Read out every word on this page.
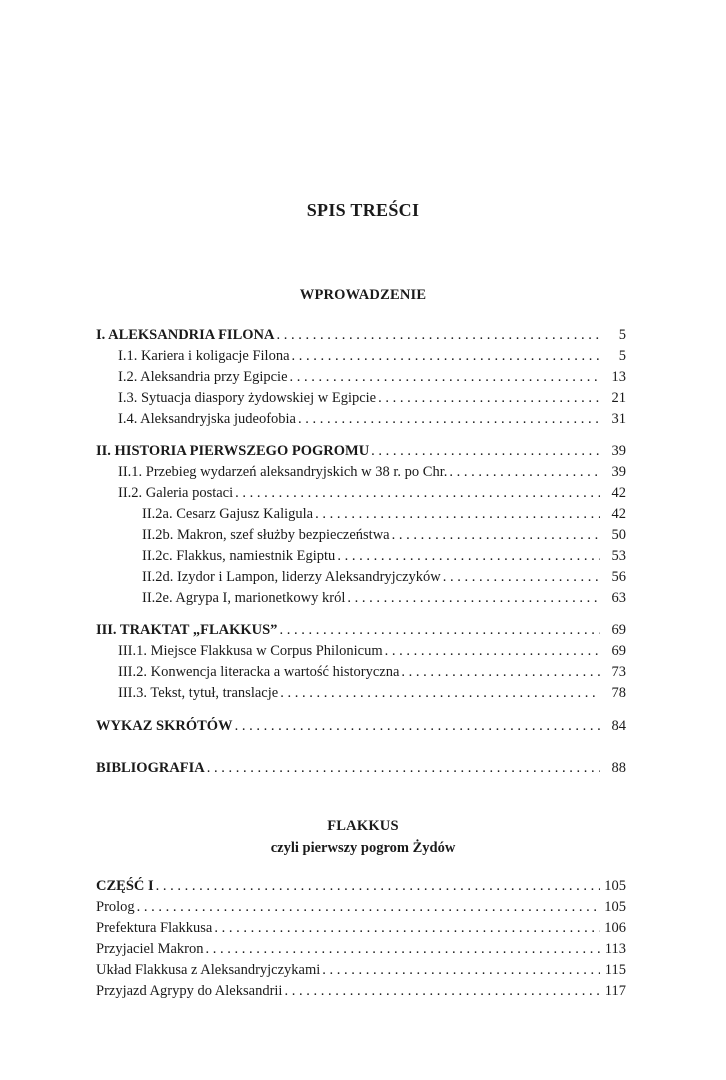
SPIS TREŚCI
WPROWADZENIE
I. ALEKSANDRIA FILONA . . .	5
I.1. Kariera i koligacje Filona . . .	5
I.2. Aleksandria przy Egipcie . . .	13
I.3. Sytuacja diaspory żydowskiej w Egipcie . . .	21
I.4. Aleksandryjska judeofobia . . .	31
II. HISTORIA PIERWSZEGO POGROMU . . .	39
II.1. Przebieg wydarzeń aleksandryjskich w 38 r. po Chr. . . .	39
II.2. Galeria postaci . . .	42
II.2a. Cesarz Gajusz Kaligula . . .	42
II.2b. Makron, szef służby bezpieczeństwa . . .	50
II.2c. Flakkus, namiestnik Egiptu . . .	53
II.2d. Izydor i Lampon, liderzy Aleksandryjczyków . . .	56
II.2e. Agrypa I, marionetkowy król . . .	63
III. TRAKTAT „FLAKKUS” . . .	69
III.1. Miejsce Flakkusa w Corpus Philonicum . . .	69
III.2. Konwencja literacka a wartość historyczna . . .	73
III.3. Tekst, tytuł, translacje . . .	78
WYKAZ SKRÓTÓW . . .	84
BIBLIOGRAFIA . . .	88
FLAKKUS
czyli pierwszy pogrom Żydów
CZĘŚĆ I . . .	105
Prolog . . .	105
Prefektura Flakkusa . . .	106
Przyjaciel Makron . . .	113
Układ Flakkusa z Aleksandryjczykami . . .	115
Przyjazd Agrypy do Aleksandrii . . .	117
